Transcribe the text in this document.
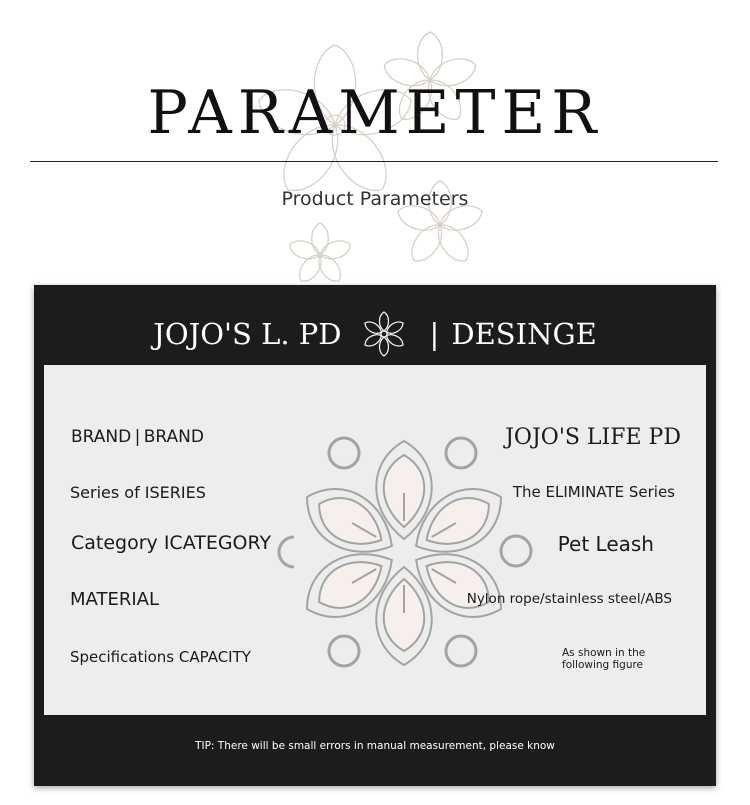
PARAMETER
Product Parameters
JOJO'S L. PD	| DESINGE
BRAND | BRAND	JOJO'S LIFE PD
Series of ISERIES	The ELIMINATE Series
Category ICATEGORY	Pet Leash
MATERIAL	Nylon rope/stainless steel/ABS
Specifications CAPACITY	As shown in the following figure
TIP: There will be small errors in manual measurement, please know
